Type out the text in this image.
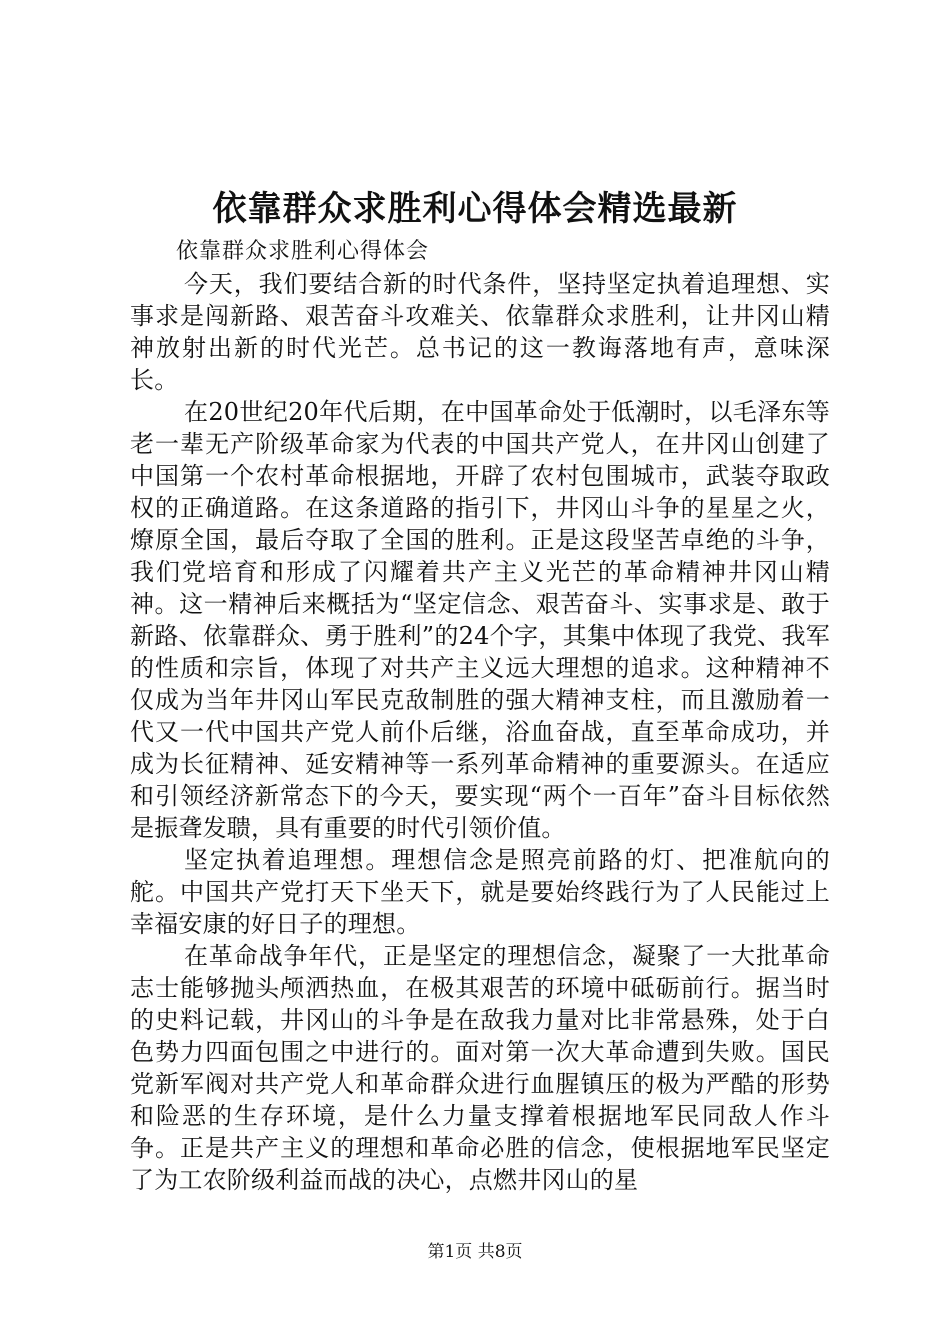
依靠群众求胜利心得体会精选最新

依靠群众求胜利心得体会

今天，我们要结合新的时代条件，坚持坚定执着追理想、实事求是闯新路、艰苦奋斗攻难关、依靠群众求胜利，让井冈山精神放射出新的时代光芒。总书记的这一教诲落地有声，意味深长。

在20世纪20年代后期，在中国革命处于低潮时，以毛泽东等老一辈无产阶级革命家为代表的中国共产党人，在井冈山创建了中国第一个农村革命根据地，开辟了农村包围城市，武装夺取政权的正确道路。在这条道路的指引下，井冈山斗争的星星之火，燎原全国，最后夺取了全国的胜利。正是这段坚苦卓绝的斗争，我们党培育和形成了闪耀着共产主义光芒的革命精神井冈山精神。这一精神后来概括为“坚定信念、艰苦奋斗、实事求是、敢于新路、依靠群众、勇于胜利”的24个字，其集中体现了我党、我军的性质和宗旨，体现了对共产主义远大理想的追求。这种精神不仅成为当年井冈山军民克敌制胜的强大精神支柱，而且激励着一代又一代中国共产党人前仆后继，浴血奋战，直至革命成功，并成为长征精神、延安精神等一系列革命精神的重要源头。在适应和引领经济新常态下的今天，要实现“两个一百年”奋斗目标依然是振聋发聩，具有重要的时代引领价值。

坚定执着追理想。理想信念是照亮前路的灯、把准航向的舵。中国共产党打天下坐天下，就是要始终践行为了人民能过上幸福安康的好日子的理想。

在革命战争年代，正是坚定的理想信念，凝聚了一大批革命志士能够抛头颅洒热血，在极其艰苦的环境中砥砺前行。据当时的史料记载，井冈山的斗争是在敌我力量对比非常悬殊，处于白色势力四面包围之中进行的。面对第一次大革命遭到失败。国民党新军阀对共产党人和革命群众进行血腥镇压的极为严酷的形势和险恶的生存环境，是什么力量支撑着根据地军民同敌人作斗争。正是共产主义的理想和革命必胜的信念，使根据地军民坚定了为工农阶级利益而战的决心，点燃井冈山的星

第1页 共8页
